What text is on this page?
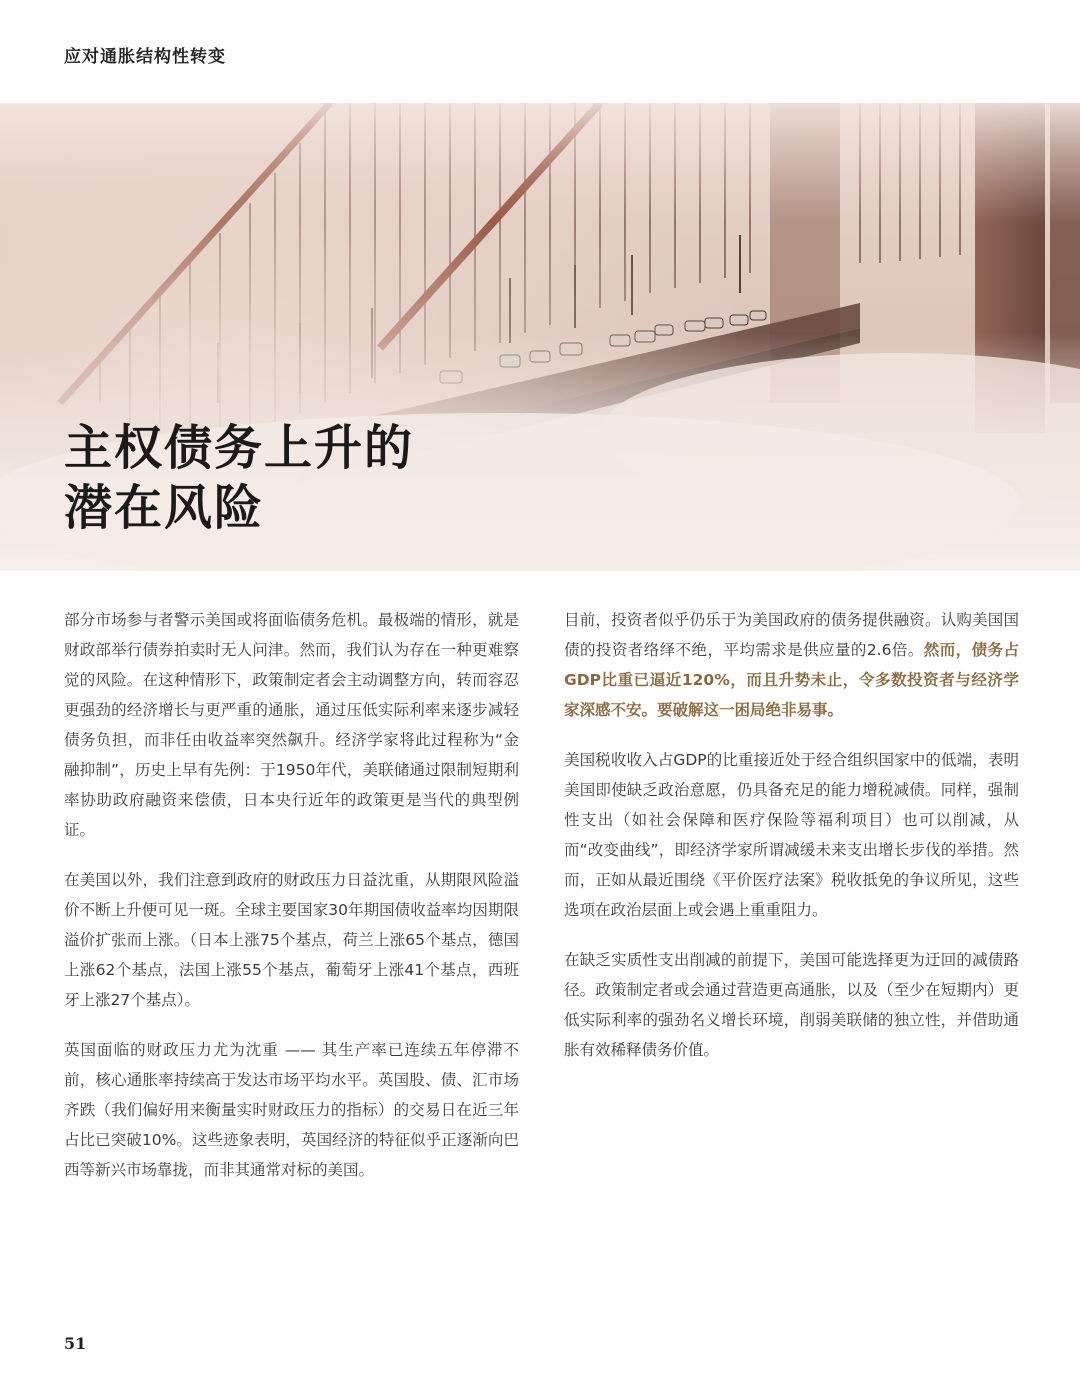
应对通胀结构性转变
主权债务上升的
潜在风险

部分市场参与者警示美国或将面临债务危机。最极端的情形，就是财政部举行债券拍卖时无人问津。然而，我们认为存在一种更难察觉的风险。在这种情形下，政策制定者会主动调整方向，转而容忍更强劲的经济增长与更严重的通胀，通过压低实际利率来逐步减轻债务负担，而非任由收益率突然飙升。经济学家将此过程称为“金融抑制”，历史上早有先例：于1950年代，美联储通过限制短期利率协助政府融资来偿债，日本央行近年的政策更是当代的典型例证。

在美国以外，我们注意到政府的财政压力日益沈重，从期限风险溢价不断上升便可见一斑。全球主要国家30年期国债收益率均因期限溢价扩张而上涨。（日本上涨75个基点，荷兰上涨65个基点，德国上涨62个基点，法国上涨55个基点，葡萄牙上涨41个基点，西班牙上涨27个基点）。

英国面临的财政压力尤为沈重 —— 其生产率已连续五年停滞不前，核心通胀率持续高于发达市场平均水平。英国股、债、汇市场齐跌（我们偏好用来衡量实时财政压力的指标）的交易日在近三年占比已突破10%。这些迹象表明，英国经济的特征似乎正逐渐向巴西等新兴市场靠拢，而非其通常对标的美国。

目前，投资者似乎仍乐于为美国政府的债务提供融资。认购美国国债的投资者络绎不绝，平均需求是供应量的2.6倍。然而，债务占GDP比重已逼近120%，而且升势未止，令多数投资者与经济学家深感不安。要破解这一困局绝非易事。

美国税收收入占GDP的比重接近处于经合组织国家中的低端，表明美国即使缺乏政治意愿，仍具备充足的能力增税减债。同样，强制性支出（如社会保障和医疗保险等福利项目）也可以削减，从而“改变曲线”，即经济学家所谓减缓未来支出增长步伐的举措。然而，正如从最近围绕《平价医疗法案》税收抵免的争议所见，这些选项在政治层面上或会遇上重重阻力。

在缺乏实质性支出削减的前提下，美国可能选择更为迂回的减债路径。政策制定者或会通过营造更高通胀，以及（至少在短期内）更低实际利率的强劲名义增长环境，削弱美联储的独立性，并借助通胀有效稀释债务价值。

51
